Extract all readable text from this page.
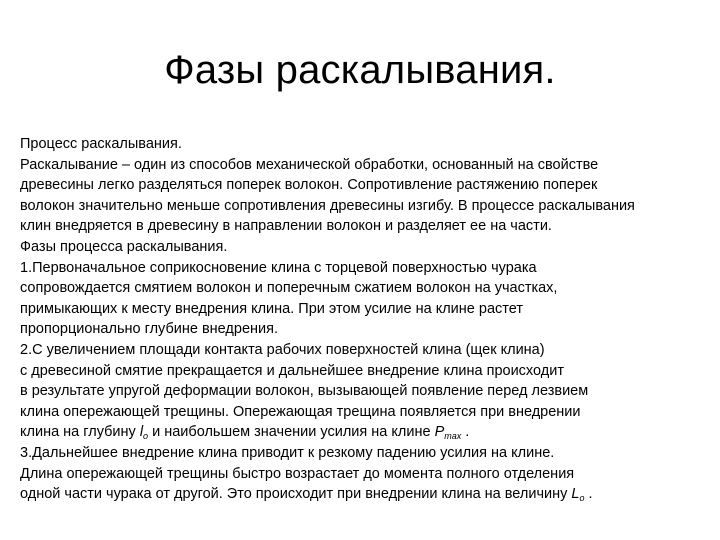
Фазы раскалывания.
Процесс раскалывания.
Раскалывание – один из способов механической обработки, основанный на свойстве
древесины легко разделяться поперек волокон. Сопротивление растяжению поперек
волокон значительно меньше сопротивления древесины изгибу. В процессе раскалывания
клин внедряется в древесину в направлении волокон и разделяет ее на части.
Фазы процесса раскалывания.
1.Первоначальное соприкосновение клина с торцевой поверхностью чурака
сопровождается смятием волокон и поперечным сжатием волокон на участках,
примыкающих к месту внедрения клина. При этом усилие на клине растет
пропорционально глубине внедрения.
2.С увеличением площади контакта рабочих поверхностей клина (щек клина)
с древесиной смятие прекращается и дальнейшее внедрение клина происходит
в результате упругой деформации волокон, вызывающей появление перед лезвием
клина опережающей трещины. Опережающая трещина появляется при внедрении
клина на глубину $l_o$ и наибольшем значении усилия на клине $P_{max}$ .
3.Дальнейшее внедрение клина приводит к резкому падению усилия на клине.
Длина опережающей трещины быстро возрастает до момента полного отделения
одной части чурака от другой. Это происходит при внедрении клина на величину $L_o$ .
